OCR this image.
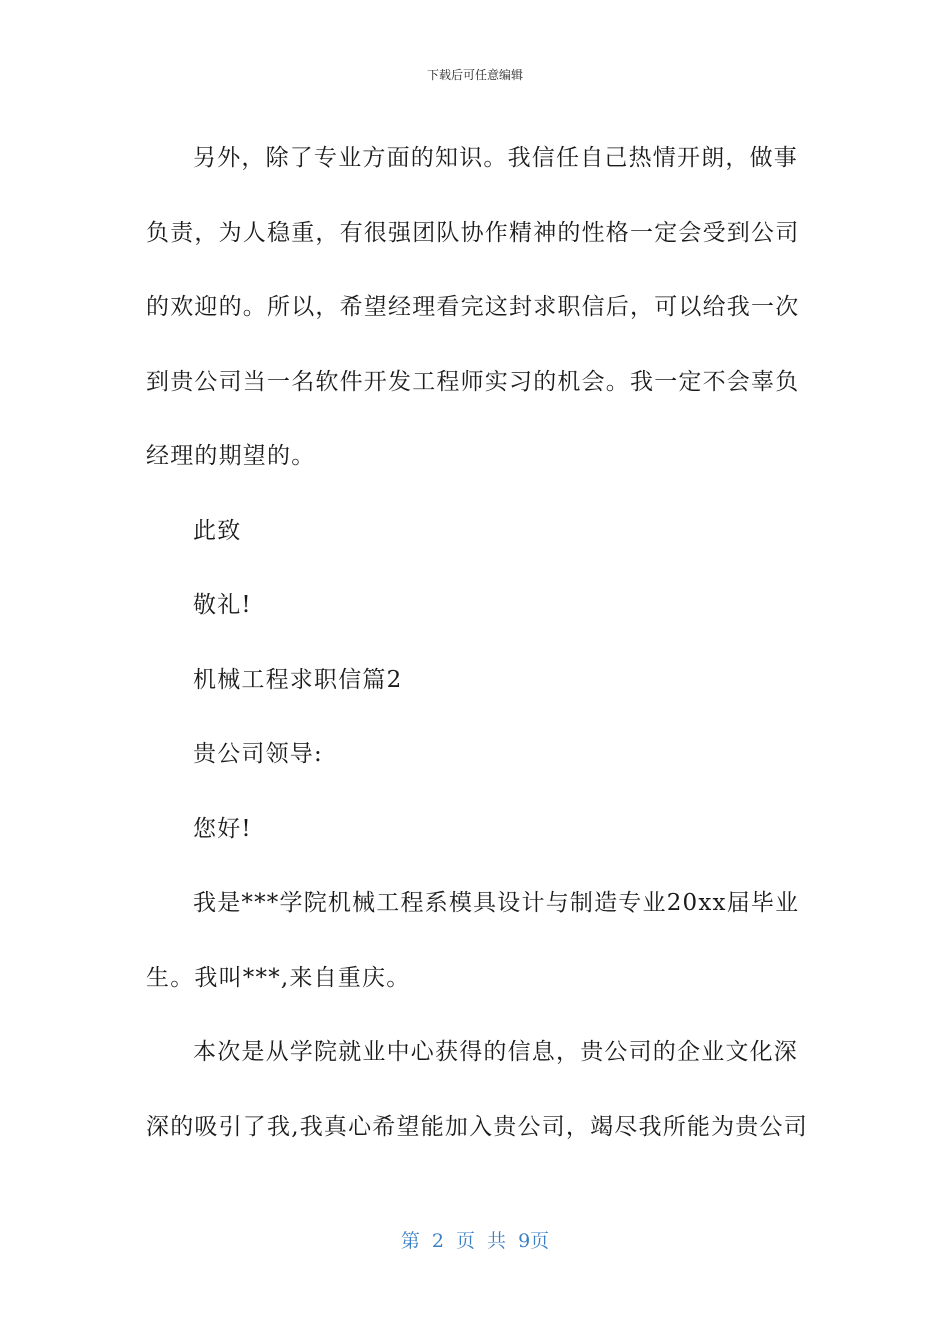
下载后可任意编辑
另外，除了专业方面的知识。我信任自己热情开朗，做事
负责，为人稳重，有很强团队协作精神的性格一定会受到公司
的欢迎的。所以，希望经理看完这封求职信后，可以给我一次
到贵公司当一名软件开发工程师实习的机会。我一定不会辜负
经理的期望的。
此致
敬礼!
机械工程求职信篇2
贵公司领导:
您好!
我是***学院机械工程系模具设计与制造专业20xx届毕业
生。我叫***,来自重庆。
本次是从学院就业中心获得的信息，贵公司的企业文化深
深的吸引了我,我真心希望能加入贵公司，竭尽我所能为贵公司
第 2 页 共 9页
